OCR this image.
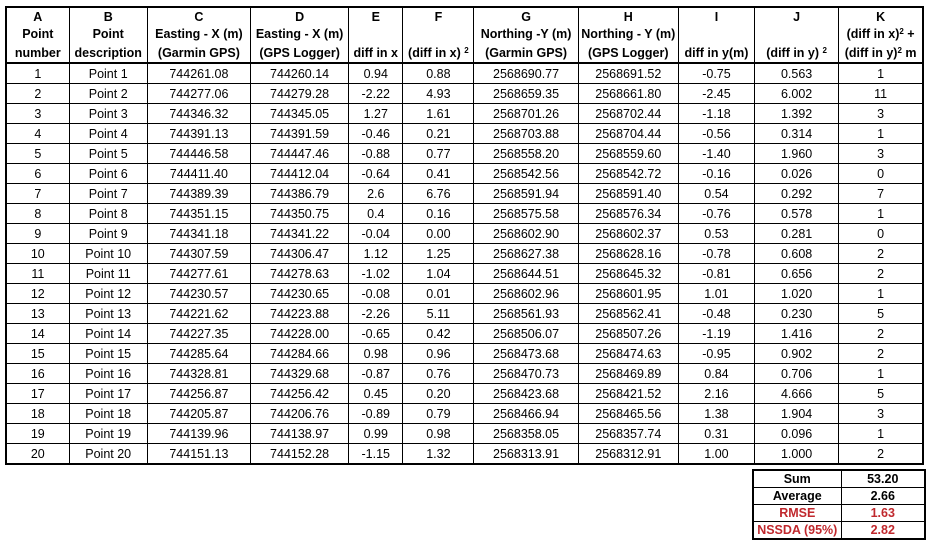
A	B	C	D	E	F	G	H	I	J	K
Point	Point	Easting - X (m)	Easting - X (m)			Northing -Y (m)	Northing - Y (m)			(diff in x)$^2$ +
number	description	(Garmin GPS)	(GPS Logger)	diff in x	(diff in x) $^2$	(Garmin GPS)	(GPS Logger)	diff in y(m)	(diff in y) $^2$	(diff in y)$^2$ m
1	Point 1	744261.08	744260.14	0.94	0.88	2568690.77	2568691.52	-0.75	0.563	1
2	Point 2	744277.06	744279.28	-2.22	4.93	2568659.35	2568661.80	-2.45	6.002	11
3	Point 3	744346.32	744345.05	1.27	1.61	2568701.26	2568702.44	-1.18	1.392	3
4	Point 4	744391.13	744391.59	-0.46	0.21	2568703.88	2568704.44	-0.56	0.314	1
5	Point 5	744446.58	744447.46	-0.88	0.77	2568558.20	2568559.60	-1.40	1.960	3
6	Point 6	744411.40	744412.04	-0.64	0.41	2568542.56	2568542.72	-0.16	0.026	0
7	Point 7	744389.39	744386.79	2.6	6.76	2568591.94	2568591.40	0.54	0.292	7
8	Point 8	744351.15	744350.75	0.4	0.16	2568575.58	2568576.34	-0.76	0.578	1
9	Point 9	744341.18	744341.22	-0.04	0.00	2568602.90	2568602.37	0.53	0.281	0
10	Point 10	744307.59	744306.47	1.12	1.25	2568627.38	2568628.16	-0.78	0.608	2
11	Point 11	744277.61	744278.63	-1.02	1.04	2568644.51	2568645.32	-0.81	0.656	2
12	Point 12	744230.57	744230.65	-0.08	0.01	2568602.96	2568601.95	1.01	1.020	1
13	Point 13	744221.62	744223.88	-2.26	5.11	2568561.93	2568562.41	-0.48	0.230	5
14	Point 14	744227.35	744228.00	-0.65	0.42	2568506.07	2568507.26	-1.19	1.416	2
15	Point 15	744285.64	744284.66	0.98	0.96	2568473.68	2568474.63	-0.95	0.902	2
16	Point 16	744328.81	744329.68	-0.87	0.76	2568470.73	2568469.89	0.84	0.706	1
17	Point 17	744256.87	744256.42	0.45	0.20	2568423.68	2568421.52	2.16	4.666	5
18	Point 18	744205.87	744206.76	-0.89	0.79	2568466.94	2568465.56	1.38	1.904	3
19	Point 19	744139.96	744138.97	0.99	0.98	2568358.05	2568357.74	0.31	0.096	1
20	Point 20	744151.13	744152.28	-1.15	1.32	2568313.91	2568312.91	1.00	1.000	2
Sum	53.20
Average	2.66
RMSE	1.63
NSSDA (95%)	2.82
